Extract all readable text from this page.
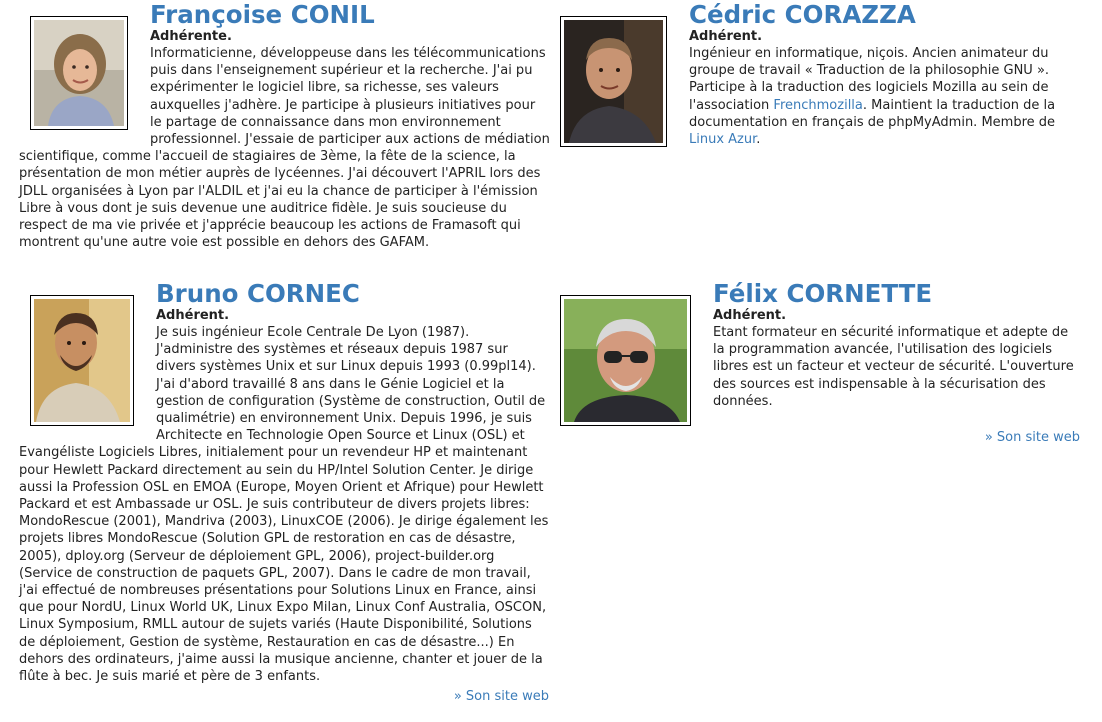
Françoise CONIL
Adhérente.
Informaticienne, développeuse dans les télécommunications puis dans l'enseignement supérieur et la recherche. J'ai pu expérimenter le logiciel libre, sa richesse, ses valeurs auxquelles j'adhère. Je participe à plusieurs initiatives pour le partage de connaissance dans mon environnement professionnel. J'essaie de participer aux actions de médiation scientifique, comme l'accueil de stagiaires de 3ème, la fête de la science, la présentation de mon métier auprès de lycéennes. J'ai découvert l'APRIL lors des JDLL organisées à Lyon par l'ALDIL et j'ai eu la chance de participer à l'émission Libre à vous dont je suis devenue une auditrice fidèle. Je suis soucieuse du respect de ma vie privée et j'apprécie beaucoup les actions de Framasoft qui montrent qu'une autre voie est possible en dehors des GAFAM.
Cédric CORAZZA
Adhérent.
Ingénieur en informatique, niçois. Ancien animateur du groupe de travail « Traduction de la philosophie GNU ». Participe à la traduction des logiciels Mozilla au sein de l'association Frenchmozilla. Maintient la traduction de la documentation en français de phpMyAdmin. Membre de Linux Azur.
Bruno CORNEC
Adhérent.
Je suis ingénieur Ecole Centrale De Lyon (1987). J'administre des systèmes et réseaux depuis 1987 sur divers systèmes Unix et sur Linux depuis 1993 (0.99pl14). J'ai d'abord travaillé 8 ans dans le Génie Logiciel et la gestion de configuration (Système de construction, Outil de qualimétrie) en environnement Unix. Depuis 1996, je suis Architecte en Technologie Open Source et Linux (OSL) et Evangéliste Logiciels Libres, initialement pour un revendeur HP et maintenant pour Hewlett Packard directement au sein du HP/Intel Solution Center. Je dirige aussi la Profession OSL en EMOA (Europe, Moyen Orient et Afrique) pour Hewlett Packard et est Ambassade ur OSL. Je suis contributeur de divers projets libres: MondoRescue (2001), Mandriva (2003), LinuxCOE (2006). Je dirige également les projets libres MondoRescue (Solution GPL de restoration en cas de désastre, 2005), dploy.org (Serveur de déploiement GPL, 2006), project-builder.org (Service de construction de paquets GPL, 2007). Dans le cadre de mon travail, j'ai effectué de nombreuses présentations pour Solutions Linux en France, ainsi que pour NordU, Linux World UK, Linux Expo Milan, Linux Conf Australia, OSCON, Linux Symposium, RMLL autour de sujets variés (Haute Disponibilité, Solutions de déploiement, Gestion de système, Restauration en cas de désastre...) En dehors des ordinateurs, j'aime aussi la musique ancienne, chanter et jouer de la flûte à bec. Je suis marié et père de 3 enfants.
» Son site web
Félix CORNETTE
Adhérent.
Etant formateur en sécurité informatique et adepte de la programmation avancée, l'utilisation des logiciels libres est un facteur et vecteur de sécurité. L'ouverture des sources est indispensable à la sécurisation des données.
» Son site web
